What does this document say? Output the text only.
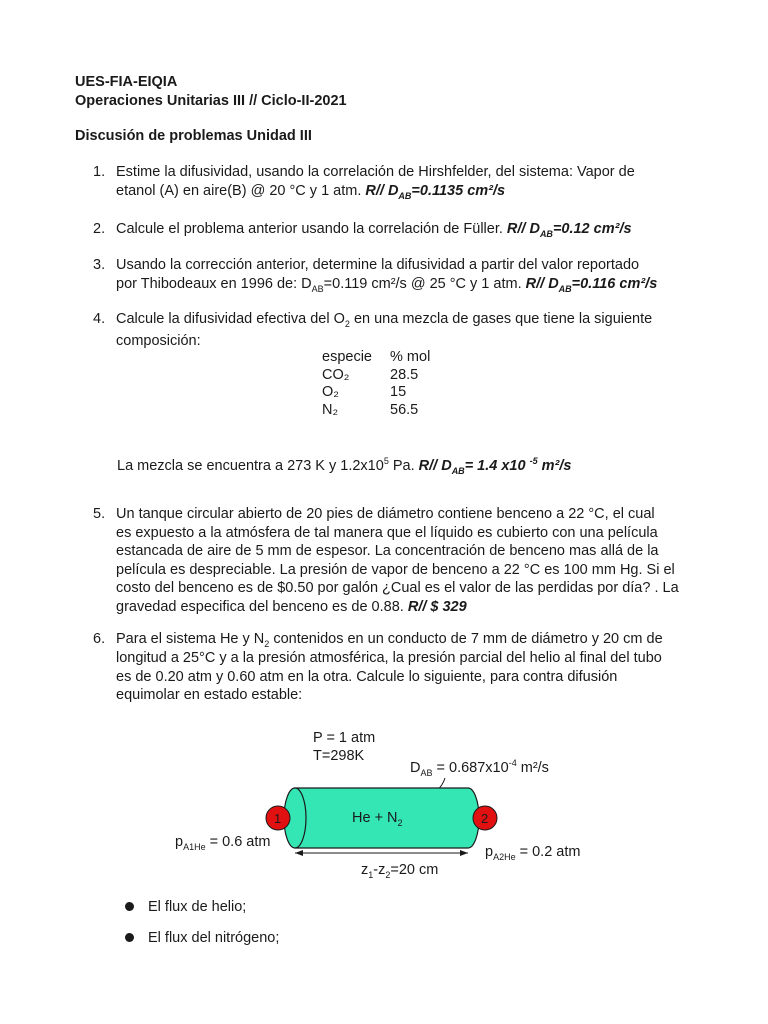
UES-FIA-EIQIA
Operaciones Unitarias III // Ciclo-II-2021
Discusión de problemas Unidad III
1. Estime la difusividad, usando la correlación de Hirshfelder, del sistema: Vapor de
etanol (A) en aire(B) @ 20 °C y 1 atm. R// $D_{AB}=0.1135$ cm²/s
2. Calcule el problema anterior usando la correlación de Füller. R// $D_{AB}=0.12$ cm²/s
3. Usando la corrección anterior, determine la difusividad a partir del valor reportado
por Thibodeaux en 1996 de: $D_{AB}=0.119$ cm²/s @ 25 °C y 1 atm. R// $D_{AB}=0.116$ cm²/s
4. Calcule la difusividad efectiva del $O_2$ en una mezcla de gases que tiene la siguiente
composición:
especie % mol
CO₂	28.5
O₂	15
N₂	56.5
La mezcla se encuentra a 273 K y $1.2x10^5$ Pa. R// $D_{AB}= 1.4$ x10 $^{-5}$ m²/s
5. Un tanque circular abierto de 20 pies de diámetro contiene benceno a 22 °C, el cual
es expuesto a la atmósfera de tal manera que el líquido es cubierto con una película
estancada de aire de 5 mm de espesor. La concentración de benceno mas allá de la
película es despreciable. La presión de vapor de benceno a 22 °C es 100 mm Hg. Si el
costo del benceno es de $0.50 por galón ¿Cual es el valor de las perdidas por día? . La
gravedad especifica del benceno es de 0.88. R// $ 329
6. Para el sistema He y $N_2$ contenidos en un conducto de 7 mm de diámetro y 20 cm de
longitud a 25°C y a la presión atmosférica, la presión parcial del helio al final del tubo
es de 0.20 atm y 0.60 atm en la otra. Calcule lo siguiente, para contra difusión
equimolar en estado estable:
P = 1 atm
T=298K
$D_{AB} = 0.687x10^{-4}$ m²/s
$He + N_2$
1	2
$p_{A1He} = 0.6$ atm
$p_{A2He} = 0.2$ atm
$z_1-z_2=20$ cm
El flux de helio;
El flux del nitrógeno;
